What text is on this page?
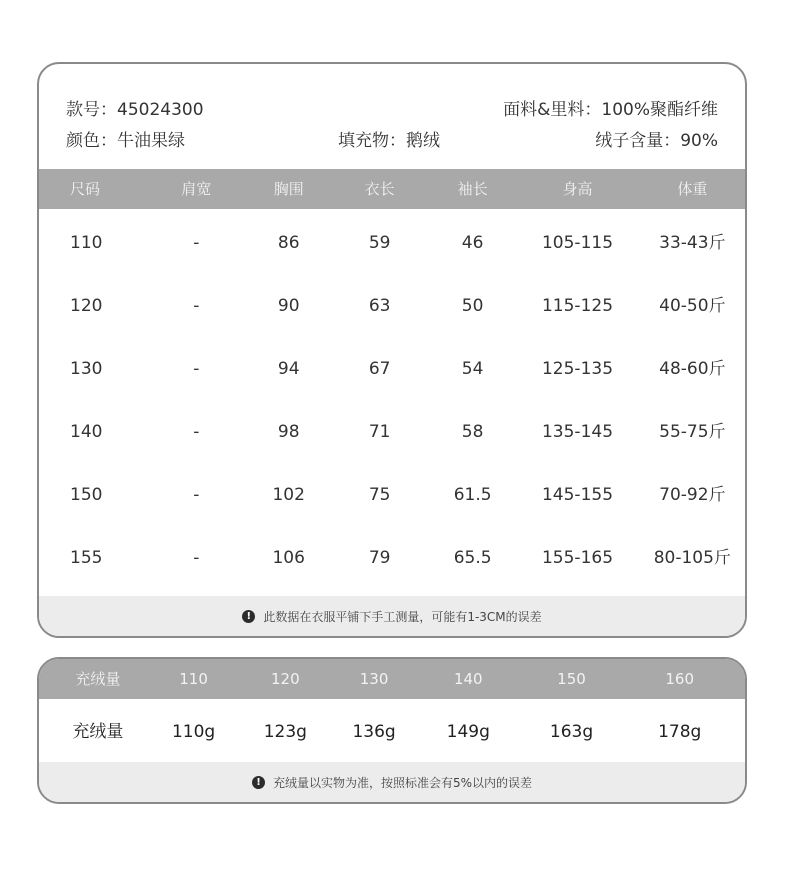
款号：45024300	面料&里料：100%聚酯纤维
颜色：牛油果绿	填充物：鹅绒	绒子含量：90%
尺码	肩宽	胸围	衣长	袖长	身高	体重
110	-	86	59	46	105-115	33-43斤
120	-	90	63	50	115-125	40-50斤
130	-	94	67	54	125-135	48-60斤
140	-	98	71	58	135-145	55-75斤
150	-	102	75	61.5	145-155	70-92斤
155	-	106	79	65.5	155-165	80-105斤
!	此数据在衣服平铺下手工测量，可能有1-3CM的误差
充绒量	110	120	130	140	150	160
充绒量	110g	123g	136g	149g	163g	178g
!	充绒量以实物为准，按照标准会有5%以内的误差
